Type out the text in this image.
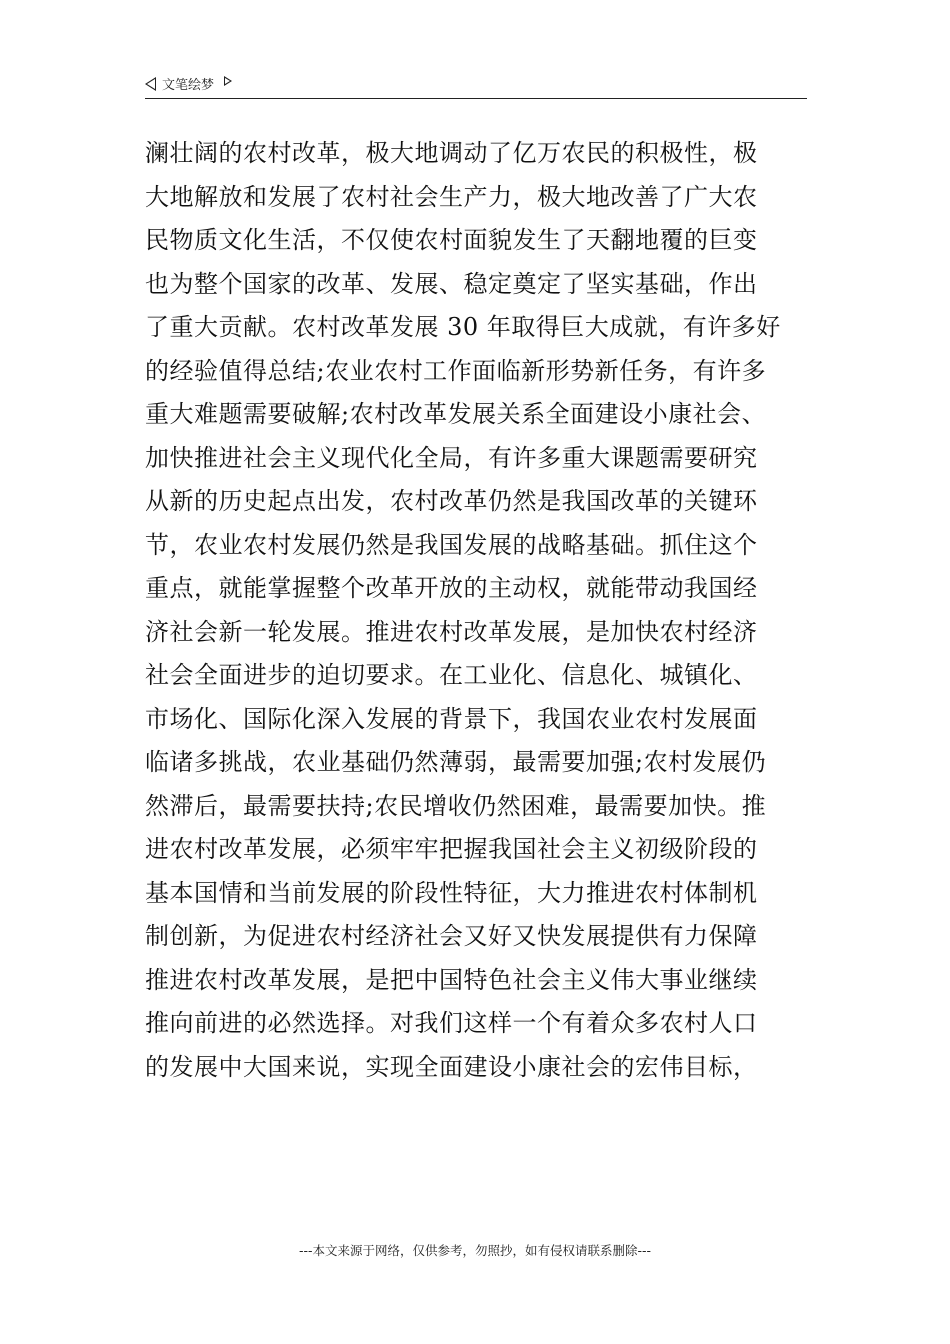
文笔绘梦
澜壮阔的农村改革，极大地调动了亿万农民的积极性，极
大地解放和发展了农村社会生产力，极大地改善了广大农
民物质文化生活，不仅使农村面貌发生了天翻地覆的巨变
也为整个国家的改革、发展、稳定奠定了坚实基础，作出
了重大贡献。农村改革发展 30 年取得巨大成就，有许多好
的经验值得总结;农业农村工作面临新形势新任务，有许多
重大难题需要破解;农村改革发展关系全面建设小康社会、
加快推进社会主义现代化全局，有许多重大课题需要研究
从新的历史起点出发，农村改革仍然是我国改革的关键环
节，农业农村发展仍然是我国发展的战略基础。抓住这个
重点，就能掌握整个改革开放的主动权，就能带动我国经
济社会新一轮发展。推进农村改革发展，是加快农村经济
社会全面进步的迫切要求。在工业化、信息化、城镇化、
市场化、国际化深入发展的背景下，我国农业农村发展面
临诸多挑战，农业基础仍然薄弱，最需要加强;农村发展仍
然滞后，最需要扶持;农民增收仍然困难，最需要加快。推
进农村改革发展，必须牢牢把握我国社会主义初级阶段的
基本国情和当前发展的阶段性特征，大力推进农村体制机
制创新，为促进农村经济社会又好又快发展提供有力保障
推进农村改革发展，是把中国特色社会主义伟大事业继续
推向前进的必然选择。对我们这样一个有着众多农村人口
的发展中大国来说，实现全面建设小康社会的宏伟目标，
---本文来源于网络，仅供参考，勿照抄，如有侵权请联系删除---
